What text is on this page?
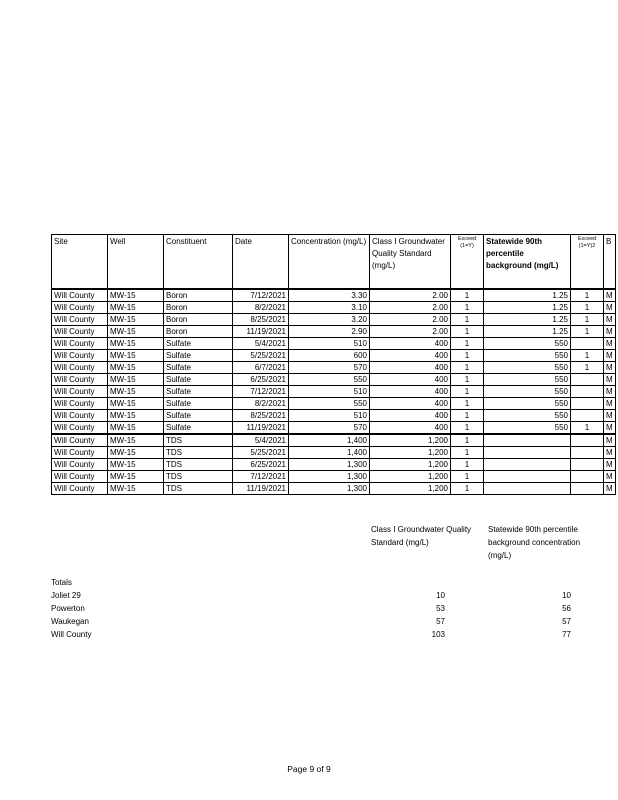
Site	Well	Constituent	Date	Concentration (mg/L)	Class I Groundwater Quality Standard (mg/L)	Exceed (1=Y)	Statewide 90th percentile background (mg/L)	Exceed (1=Y)2	B
Will County	MW-15	Boron	7/12/2021	3.30	2.00	1	1.25	1	M
Will County	MW-15	Boron	8/2/2021	3.10	2.00	1	1.25	1	M
Will County	MW-15	Boron	8/25/2021	3.20	2.00	1	1.25	1	M
Will County	MW-15	Boron	11/19/2021	2.90	2.00	1	1.25	1	M
Will County	MW-15	Sulfate	5/4/2021	510	400	1	550		M
Will County	MW-15	Sulfate	5/25/2021	600	400	1	550	1	M
Will County	MW-15	Sulfate	6/7/2021	570	400	1	550	1	M
Will County	MW-15	Sulfate	6/25/2021	550	400	1	550		M
Will County	MW-15	Sulfate	7/12/2021	510	400	1	550		M
Will County	MW-15	Sulfate	8/2/2021	550	400	1	550		M
Will County	MW-15	Sulfate	8/25/2021	510	400	1	550		M
Will County	MW-15	Sulfate	11/19/2021	570	400	1	550	1	M
Will County	MW-15	TDS	5/4/2021	1,400	1,200	1			M
Will County	MW-15	TDS	5/25/2021	1,400	1,200	1			M
Will County	MW-15	TDS	6/25/2021	1,300	1,200	1			M
Will County	MW-15	TDS	7/12/2021	1,300	1,200	1			M
Will County	MW-15	TDS	11/19/2021	1,300	1,200	1			M
Class I Groundwater Quality Standard (mg/L)
Statewide 90th percentile background concentration (mg/L)
Totals
Joliet 29	10	10
Powerton	53	56
Waukegan	57	57
Will County	103	77
Page 9 of 9
